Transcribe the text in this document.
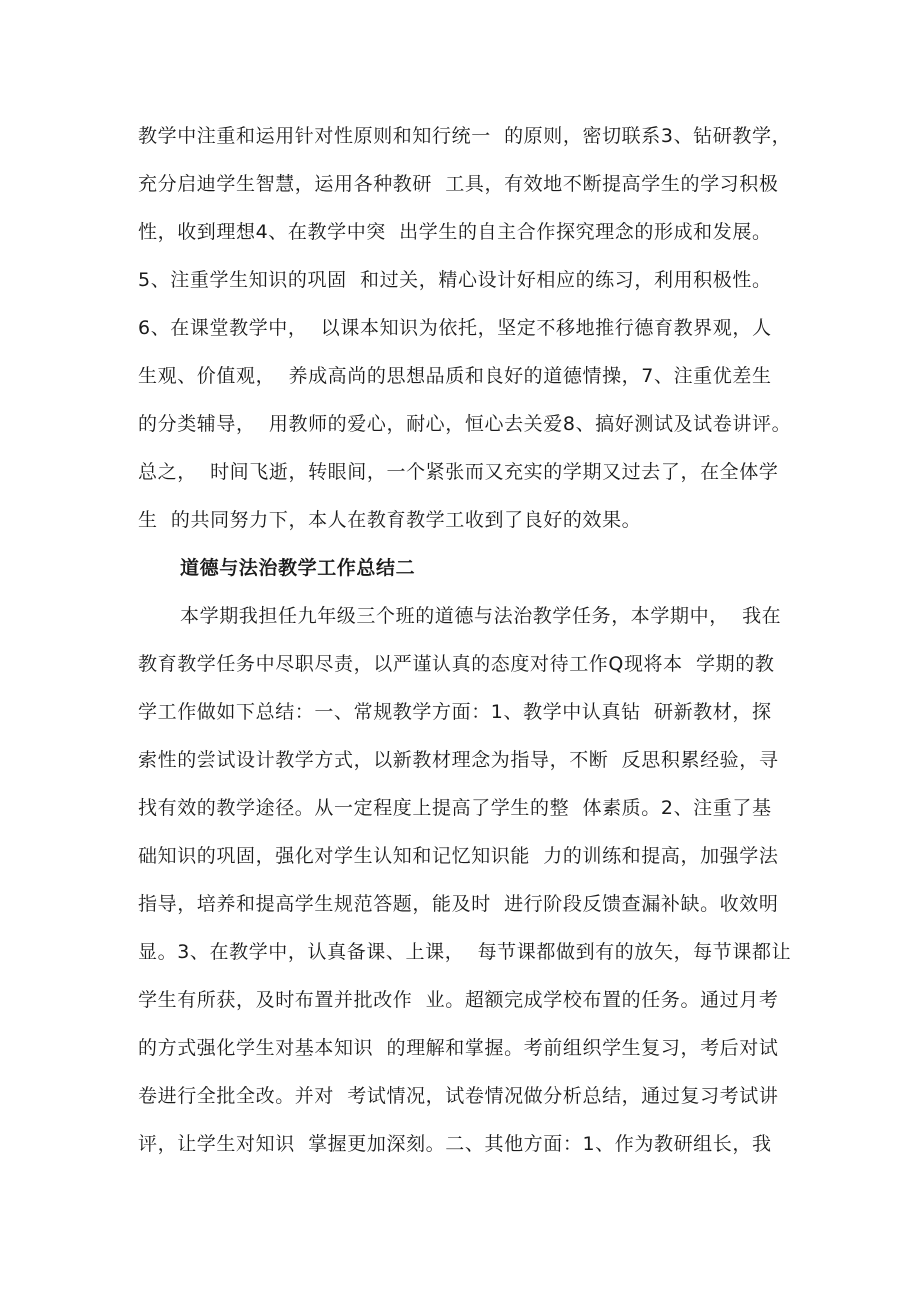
教学中注重和运用针对性原则和知行统一  的原则，密切联系3、钻研教学，
充分启迪学生智慧，运用各种教研  工具，有效地不断提高学生的学习积极
性，收到理想4、在教学中突  出学生的自主合作探究理念的形成和发展。
5、注重学生知识的巩固  和过关，精心设计好相应的练习，利用积极性。
6、在课堂教学中，  以课本知识为依托，坚定不移地推行德育教界观，人
生观、价值观，  养成高尚的思想品质和良好的道德情操，7、注重优差生
的分类辅导，  用教师的爱心，耐心，恒心去关爱8、搞好测试及试卷讲评。
总之，  时间飞逝，转眼间，一个紧张而又充实的学期又过去了，在全体学
生  的共同努力下，本人在教育教学工收到了良好的效果。
道德与法治教学工作总结二
本学期我担任九年级三个班的道德与法治教学任务，本学期中，  我在
教育教学任务中尽职尽责，以严谨认真的态度对待工作Q现将本  学期的教
学工作做如下总结：一、常规教学方面：1、教学中认真钻  研新教材，探
索性的尝试设计教学方式，以新教材理念为指导，不断  反思积累经验，寻
找有效的教学途径。从一定程度上提高了学生的整  体素质。2、注重了基
础知识的巩固，强化对学生认知和记忆知识能  力的训练和提高，加强学法
指导，培养和提高学生规范答题，能及时  进行阶段反馈查漏补缺。收效明
显。3、在教学中，认真备课、上课，  每节课都做到有的放矢，每节课都让
学生有所获，及时布置并批改作  业。超额完成学校布置的任务。通过月考
的方式强化学生对基本知识  的理解和掌握。考前组织学生复习，考后对试
卷进行全批全改。并对  考试情况，试卷情况做分析总结，通过复习考试讲
评，让学生对知识  掌握更加深刻。二、其他方面：1、作为教研组长，我
